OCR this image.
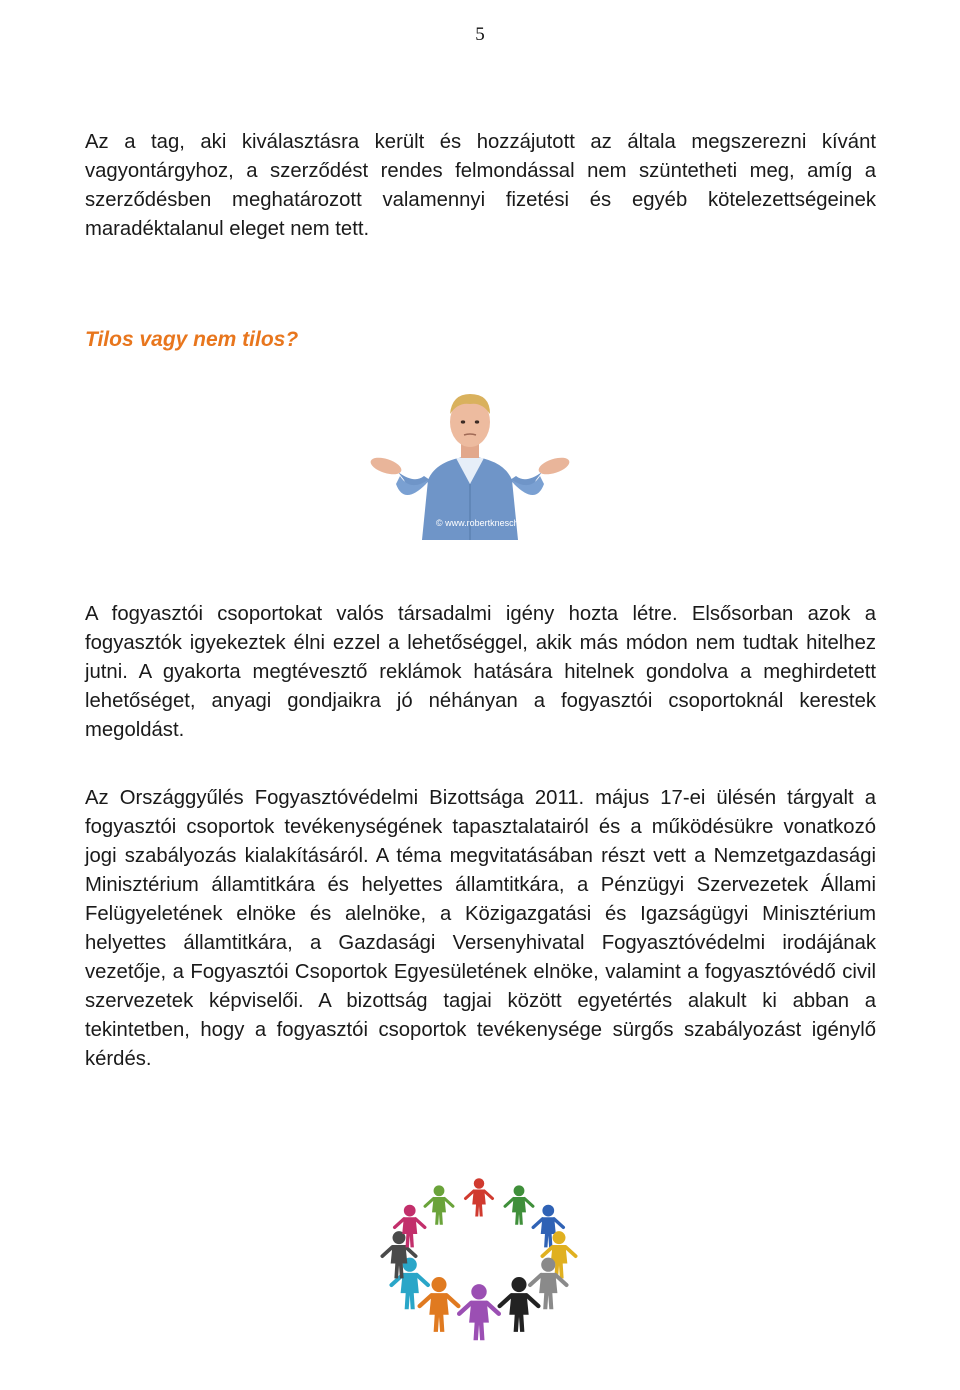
5

Az a tag, aki kiválasztásra került és hozzájutott az általa megszerezni kívánt vagyontárgyhoz, a szerződést rendes felmondással nem szüntetheti meg, amíg a szerződésben meghatározott valamennyi fizetési és egyéb kötelezettségeinek maradéktalanul eleget nem tett.

Tilos vagy nem tilos?
© www.robertkneschke.de

A fogyasztói csoportokat valós társadalmi igény hozta létre. Elsősorban azok a fogyasztók igyekeztek élni ezzel a lehetőséggel, akik más módon nem tudtak hitelhez jutni. A gyakorta megtévesztő reklámok hatására hitelnek gondolva a meghirdetett lehetőséget, anyagi gondjaikra jó néhányan a fogyasztói csoportoknál kerestek megoldást.

Az Országgyűlés Fogyasztóvédelmi Bizottsága 2011. május 17-ei ülésén tárgyalt a fogyasztói csoportok tevékenységének tapasztalatairól és a működésükre vonatkozó jogi szabályozás kialakításáról. A téma megvitatásában részt vett a Nemzetgazdasági Minisztérium államtitkára és helyettes államtitkára, a Pénzügyi Szervezetek Állami Felügyeletének elnöke és alelnöke, a Közigazgatási és Igazságügyi Minisztérium helyettes államtitkára, a Gazdasági Versenyhivatal Fogyasztóvédelmi irodájának vezetője, a Fogyasztói Csoportok Egyesületének elnöke, valamint a fogyasztóvédő civil szervezetek képviselői. A bizottság tagjai között egyetértés alakult ki abban a tekintetben, hogy a fogyasztói csoportok tevékenysége sürgős szabályozást igénylő kérdés.
